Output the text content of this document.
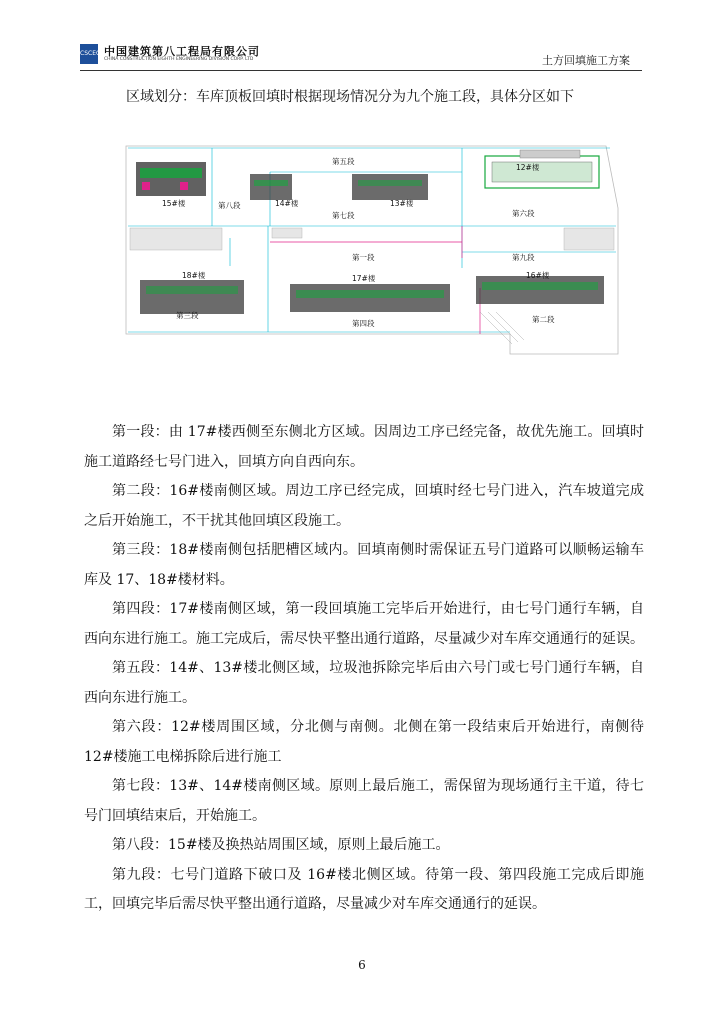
CSCEC 中国建筑第八工程局有限公司
CHINA CONSTRUCTION EIGHTH ENGINEERING DIVISION CORP. LTD	土方回填施工方案
区域划分：车库顶板回填时根据现场情况分为九个施工段，具体分区如下
第五段
第八段
第七段	第六段
第一段	第九段
第三段
第四段	第二段
15#楼	14#楼	13#楼
12#楼
18#楼	17#楼	16#楼

第一段：由 17#楼西侧至东侧北方区域。因周边工序已经完备，故优先施工。回填时施工道路经七号门进入，回填方向自西向东。

第二段：16#楼南侧区域。周边工序已经完成，回填时经七号门进入，汽车坡道完成之后开始施工，不干扰其他回填区段施工。

第三段：18#楼南侧包括肥槽区域内。回填南侧时需保证五号门道路可以顺畅运输车库及 17、18#楼材料。

第四段：17#楼南侧区域，第一段回填施工完毕后开始进行，由七号门通行车辆，自西向东进行施工。施工完成后，需尽快平整出通行道路，尽量减少对车库交通通行的延误。

第五段：14#、13#楼北侧区域，垃圾池拆除完毕后由六号门或七号门通行车辆，自西向东进行施工。

第六段：12#楼周围区域，分北侧与南侧。北侧在第一段结束后开始进行，南侧待 12#楼施工电梯拆除后进行施工

第七段：13#、14#楼南侧区域。原则上最后施工，需保留为现场通行主干道，待七号门回填结束后，开始施工。

第八段：15#楼及换热站周围区域，原则上最后施工。

第九段：七号门道路下破口及 16#楼北侧区域。待第一段、第四段施工完成后即施工，回填完毕后需尽快平整出通行道路，尽量减少对车库交通通行的延误。

6
